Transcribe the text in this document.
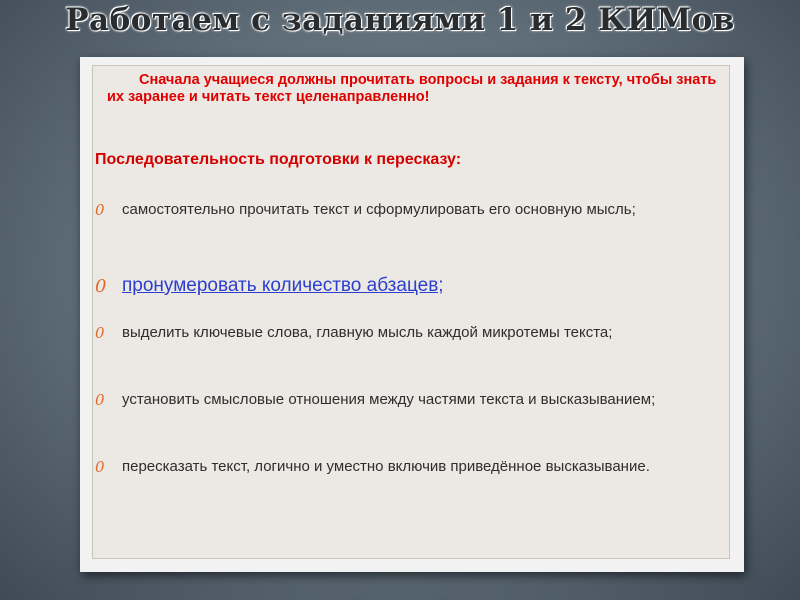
Работаем с заданиями 1 и 2 КИМов

Сначала учащиеся должны прочитать вопросы и задания к тексту, чтобы знать их заранее и читать текст целенаправленно!

Последовательность подготовки к пересказу:

0 самостоятельно прочитать текст и сформулировать его основную мысль;
0 пронумеровать количество абзацев;
0 выделить ключевые слова, главную мысль каждой микротемы текста;
0 установить смысловые отношения между частями текста и высказыванием;
0 пересказать текст, логично и уместно включив приведённое высказывание.
